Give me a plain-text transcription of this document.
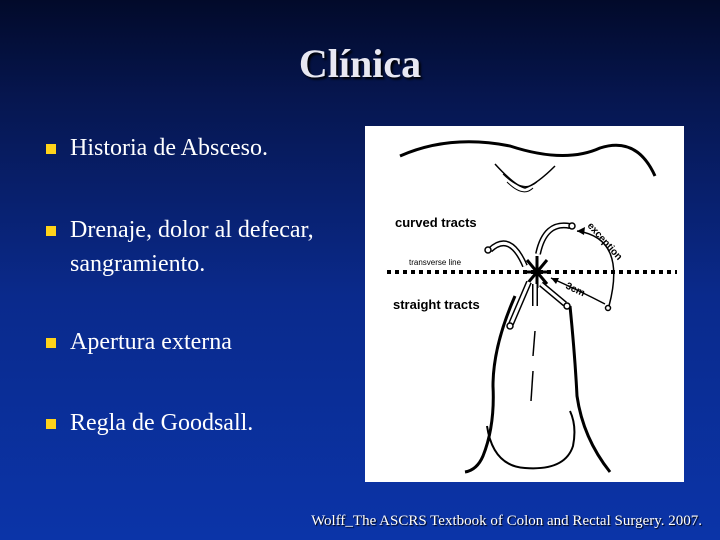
Clínica
Historia de Absceso.
Drenaje, dolor al defecar, sangramiento.
Apertura externa
Regla de Goodsall.
curved tracts
transverse line
straight tracts
exception
3cm
Wolff_The ASCRS Textbook of Colon and Rectal Surgery. 2007.
